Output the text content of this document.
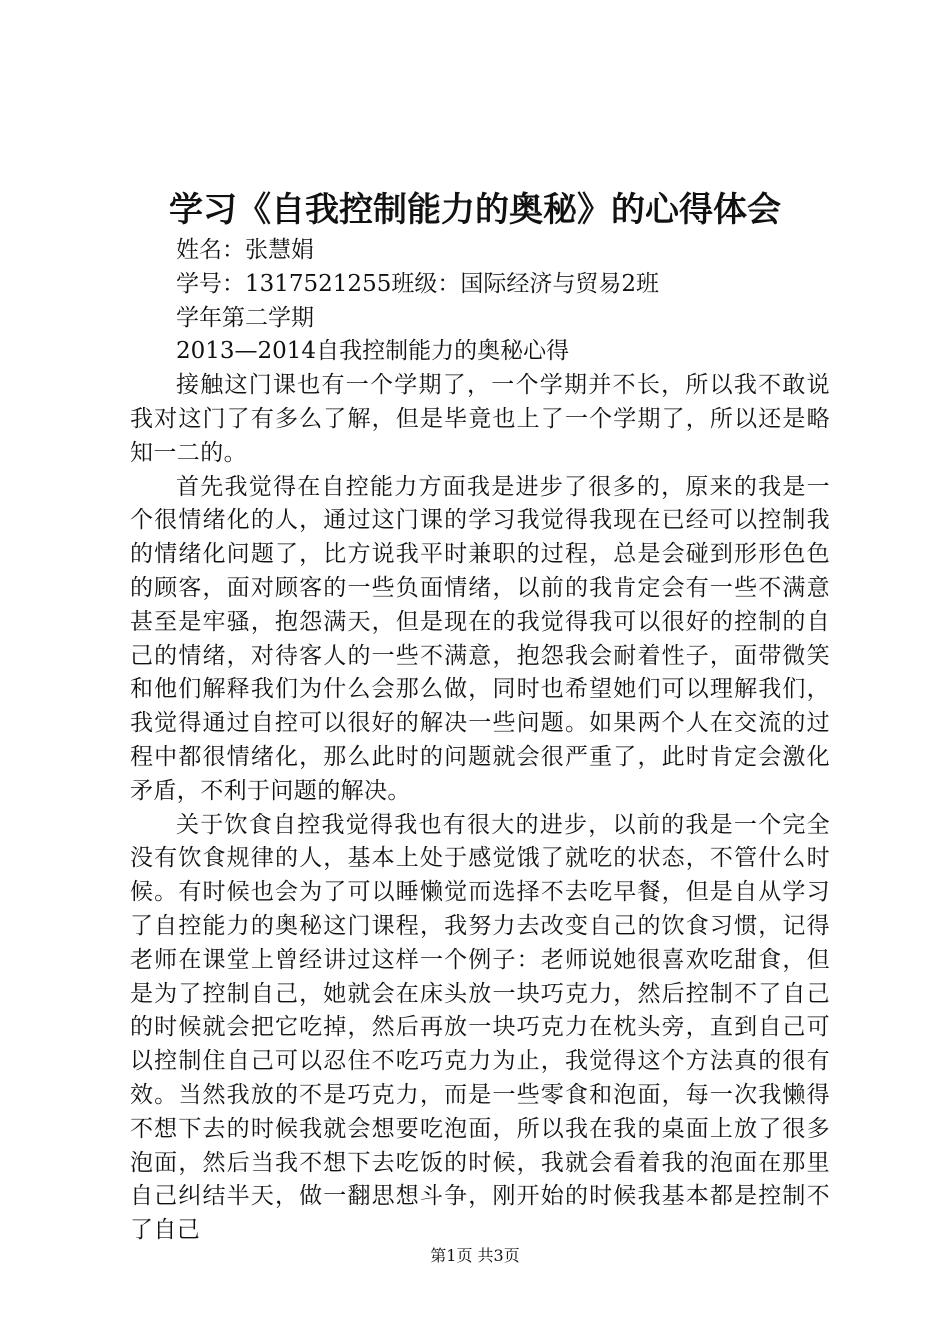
学习《自我控制能力的奥秘》的心得体会

姓名：张慧娟

学号：1317521255班级：国际经济与贸易2班

学年第二学期

2013—2014自我控制能力的奥秘心得

接触这门课也有一个学期了，一个学期并不长，所以我不敢说我对这门了有多么了解，但是毕竟也上了一个学期了，所以还是略知一二的。

首先我觉得在自控能力方面我是进步了很多的，原来的我是一个很情绪化的人，通过这门课的学习我觉得我现在已经可以控制我的情绪化问题了，比方说我平时兼职的过程，总是会碰到形形色色的顾客，面对顾客的一些负面情绪，以前的我肯定会有一些不满意甚至是牢骚，抱怨满天，但是现在的我觉得我可以很好的控制的自己的情绪，对待客人的一些不满意，抱怨我会耐着性子，面带微笑和他们解释我们为什么会那么做，同时也希望她们可以理解我们，我觉得通过自控可以很好的解决一些问题。如果两个人在交流的过程中都很情绪化，那么此时的问题就会很严重了，此时肯定会激化矛盾，不利于问题的解决。

关于饮食自控我觉得我也有很大的进步，以前的我是一个完全没有饮食规律的人，基本上处于感觉饿了就吃的状态，不管什么时候。有时候也会为了可以睡懒觉而选择不去吃早餐，但是自从学习了自控能力的奥秘这门课程，我努力去改变自己的饮食习惯，记得老师在课堂上曾经讲过这样一个例子：老师说她很喜欢吃甜食，但是为了控制自己，她就会在床头放一块巧克力，然后控制不了自己的时候就会把它吃掉，然后再放一块巧克力在枕头旁，直到自己可以控制住自己可以忍住不吃巧克力为止，我觉得这个方法真的很有效。当然我放的不是巧克力，而是一些零食和泡面，每一次我懒得不想下去的时候我就会想要吃泡面，所以我在我的桌面上放了很多泡面，然后当我不想下去吃饭的时候，我就会看着我的泡面在那里自己纠结半天，做一翻思想斗争，刚开始的时候我基本都是控制不了自己

第1页 共3页
